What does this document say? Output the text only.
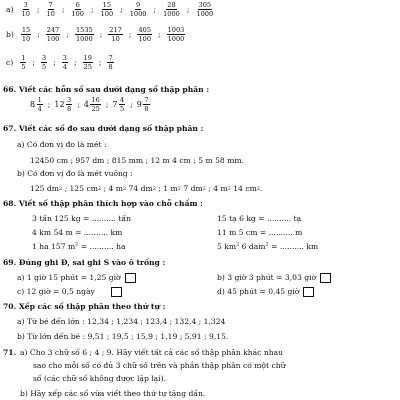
$a) \frac{3}{10}$ ; $\frac{7}{10}$ ; $\frac{6}{100}$ ; $\frac{15}{100}$ ; $\frac{9}{1000}$ ; $\frac{28}{1000}$ ; $\frac{305}{1000}$
$b) \frac{15}{10}$ ; $\frac{247}{100}$ ; $\frac{1535}{1000}$ ; $\frac{217}{10}$ ; $\frac{405}{100}$ ; $\frac{1003}{1000}$
$c) \frac{1}{5}$ ; $\frac{3}{5}$ ; $\frac{3}{4}$ ; $\frac{19}{25}$ ; $\frac{7}{8}$
66. Viết các hỗn số sau dưới dạng số thập phân :
$8 \frac{1}{4}$ ; $12 \frac{3}{8}$ ; $4 \frac{16}{25}$ ; $7 \frac{4}{5}$ ; $9 \frac{7}{8}$
67. Viết các số đo sau dưới dạng số thập phân :
a) Có đơn vị đo là mét :
12450 cm ; 957 dm ; 815 mm ; 12 m 4 cm ; 5 m 58 mm.
b) Có đơn vị đo là mét vuông :
125 dm 2 ; 125 cm 2 ; 4 m 2 74 dm 2 ; 1 m 2 7 dm 2 ; 4 m 2 14 cm 2 .
68. Viết số thập phân thích hợp vào chỗ chấm :
3 tấn 125 kg = .......... tấn	15 tạ 6 kg = .......... tạ
4 km 54 m = .......... km	11 m 5 cm = .......... m
1 ha 157 $m^2$ = .......... ha	5 $km^2$ 6 dam$^2$ = .......... km
69. Đúng ghi Đ, sai ghi S vào ô trống :
a) 1 giờ 15 phút = 1,25 giờ	b) 3 giờ 3 phút = 3,03 giờ
c) 12 giờ = 0,5 ngày	d) 45 phút = 0,45 giờ
70. Xếp các số thập phân theo thứ tự :
a) Từ bé đến lớn : 12,34 ; 1,234 ; 123,4 ; 132,4 ; 1,324
b) Từ lớn đến bé : 9,51 ; 19,5 ; 15,9 ; 1,19 ; 5,91 ; 9,15.
71. a) Cho 3 chữ số 6 ; 4 ; 9. Hãy viết tất cả các số thập phân khác nhau
sao cho mỗi số có đủ 3 chữ số trên và phần thập phân có một chữ
số (các chữ số không được lặp lại).
b) Hãy xếp các số vừa viết theo thứ tự tăng dần.
